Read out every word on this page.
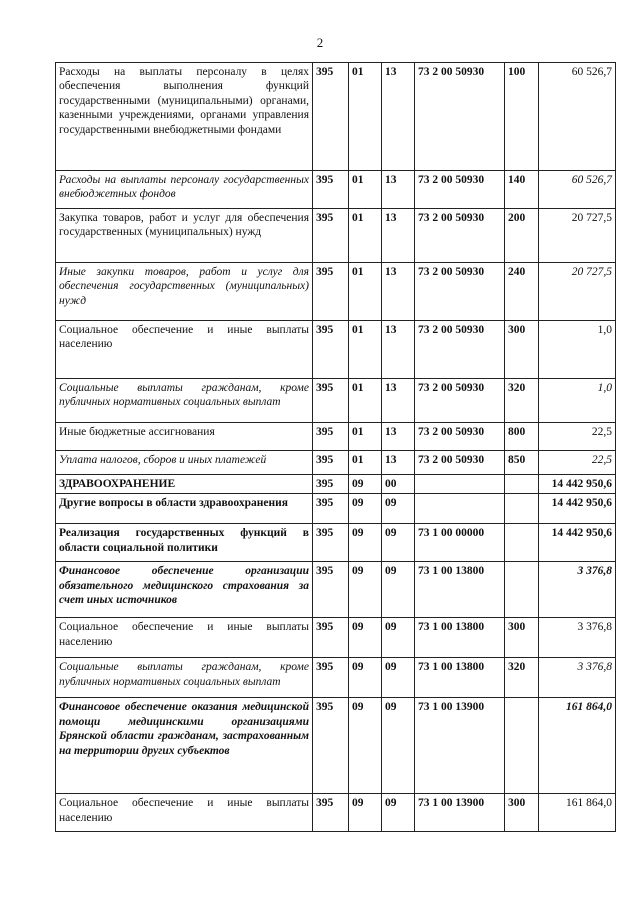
2
Расходы на выплаты персоналу в целях обеспечения выполнения функций государственными (муниципальными) органами, казенными учреждениями, органами управления государственными внебюджетными фондами	395	01	13	73 2 00 50930	100	60 526,7
Расходы на выплаты персоналу государственных внебюджетных фондов	395	01	13	73 2 00 50930	140	60 526,7
Закупка товаров, работ и услуг для обеспечения государственных (муниципальных) нужд	395	01	13	73 2 00 50930	200	20 727,5
Иные закупки товаров, работ и услуг для обеспечения государственных (муниципальных) нужд	395	01	13	73 2 00 50930	240	20 727,5
Социальное обеспечение и иные выплаты населению	395	01	13	73 2 00 50930	300	1,0
Социальные выплаты гражданам, кроме публичных нормативных социальных выплат	395	01	13	73 2 00 50930	320	1,0
Иные бюджетные ассигнования	395	01	13	73 2 00 50930	800	22,5
Уплата налогов, сборов и иных платежей	395	01	13	73 2 00 50930	850	22,5
ЗДРАВООХРАНЕНИЕ	395	09	00			14 442 950,6
Другие вопросы в области здравоохранения	395	09	09			14 442 950,6
Реализация государственных функций в области социальной политики	395	09	09	73 1 00 00000		14 442 950,6
Финансовое обеспечение организации обязательного медицинского страхования за счет иных источников	395	09	09	73 1 00 13800		3 376,8
Социальное обеспечение и иные выплаты населению	395	09	09	73 1 00 13800	300	3 376,8
Социальные выплаты гражданам, кроме публичных нормативных социальных выплат	395	09	09	73 1 00 13800	320	3 376,8
Финансовое обеспечение оказания медицинской помощи медицинскими организациями Брянской области гражданам, застрахованным на территории других субъектов	395	09	09	73 1 00 13900		161 864,0
Социальное обеспечение и иные выплаты населению	395	09	09	73 1 00 13900	300	161 864,0
